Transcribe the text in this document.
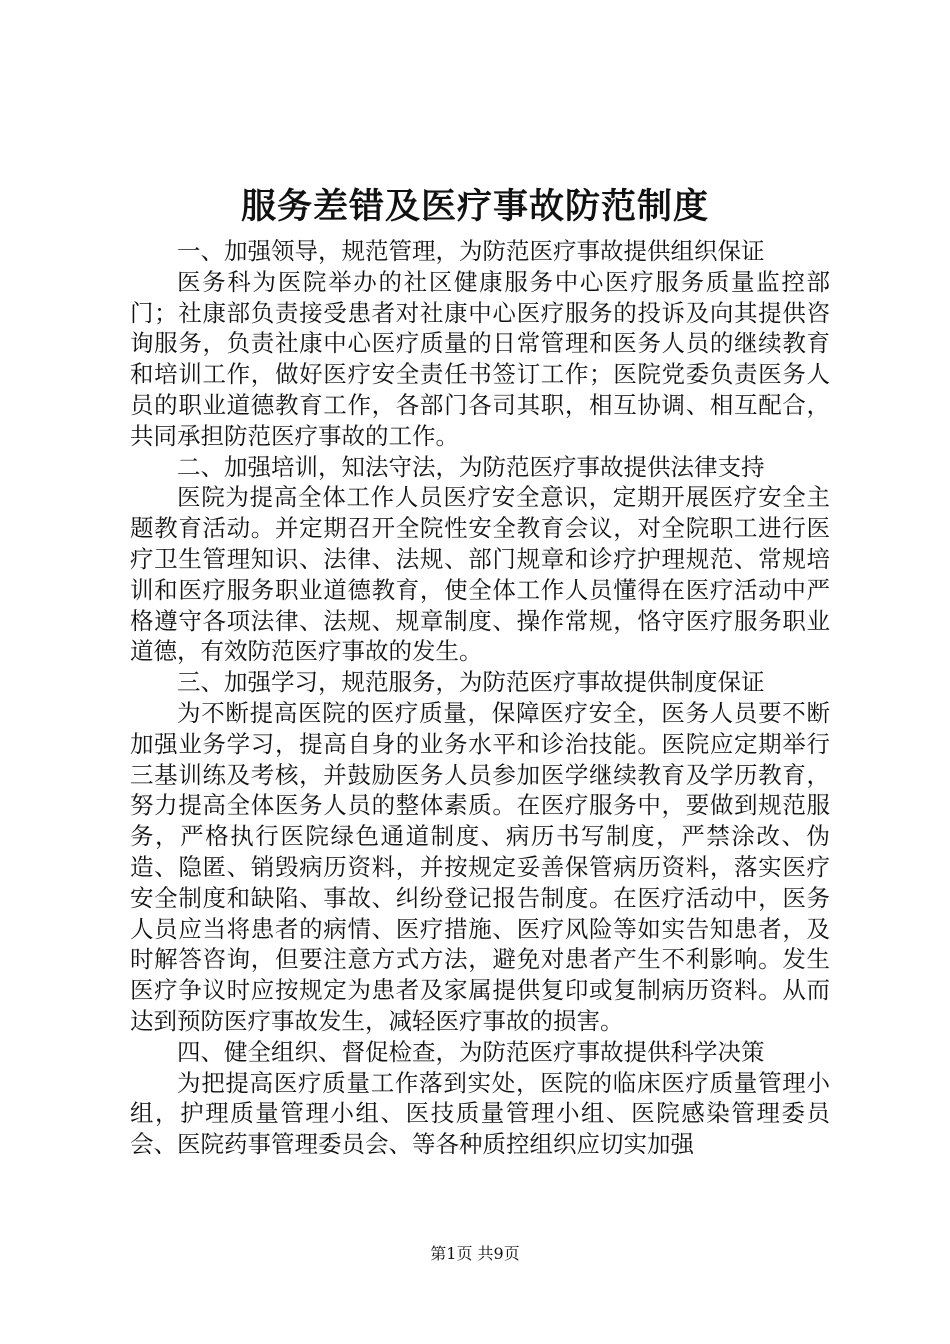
服务差错及医疗事故防范制度

一、加强领导，规范管理，为防范医疗事故提供组织保证

医务科为医院举办的社区健康服务中心医疗服务质量监控部门；社康部负责接受患者对社康中心医疗服务的投诉及向其提供咨询服务，负责社康中心医疗质量的日常管理和医务人员的继续教育和培训工作，做好医疗安全责任书签订工作；医院党委负责医务人员的职业道德教育工作，各部门各司其职，相互协调、相互配合，共同承担防范医疗事故的工作。

二、加强培训，知法守法，为防范医疗事故提供法律支持

医院为提高全体工作人员医疗安全意识，定期开展医疗安全主题教育活动。并定期召开全院性安全教育会议，对全院职工进行医疗卫生管理知识、法律、法规、部门规章和诊疗护理规范、常规培训和医疗服务职业道德教育，使全体工作人员懂得在医疗活动中严格遵守各项法律、法规、规章制度、操作常规，恪守医疗服务职业道德，有效防范医疗事故的发生。

三、加强学习，规范服务，为防范医疗事故提供制度保证

为不断提高医院的医疗质量，保障医疗安全，医务人员要不断加强业务学习，提高自身的业务水平和诊治技能。医院应定期举行三基训练及考核，并鼓励医务人员参加医学继续教育及学历教育，努力提高全体医务人员的整体素质。在医疗服务中，要做到规范服务，严格执行医院绿色通道制度、病历书写制度，严禁涂改、伪造、隐匿、销毁病历资料，并按规定妥善保管病历资料，落实医疗安全制度和缺陷、事故、纠纷登记报告制度。在医疗活动中，医务人员应当将患者的病情、医疗措施、医疗风险等如实告知患者，及时解答咨询，但要注意方式方法，避免对患者产生不利影响。发生医疗争议时应按规定为患者及家属提供复印或复制病历资料。从而达到预防医疗事故发生，减轻医疗事故的损害。

四、健全组织、督促检查，为防范医疗事故提供科学决策

为把提高医疗质量工作落到实处，医院的临床医疗质量管理小组，护理质量管理小组、医技质量管理小组、医院感染管理委员会、医院药事管理委员会、等各种质控组织应切实加强

第1页 共9页
